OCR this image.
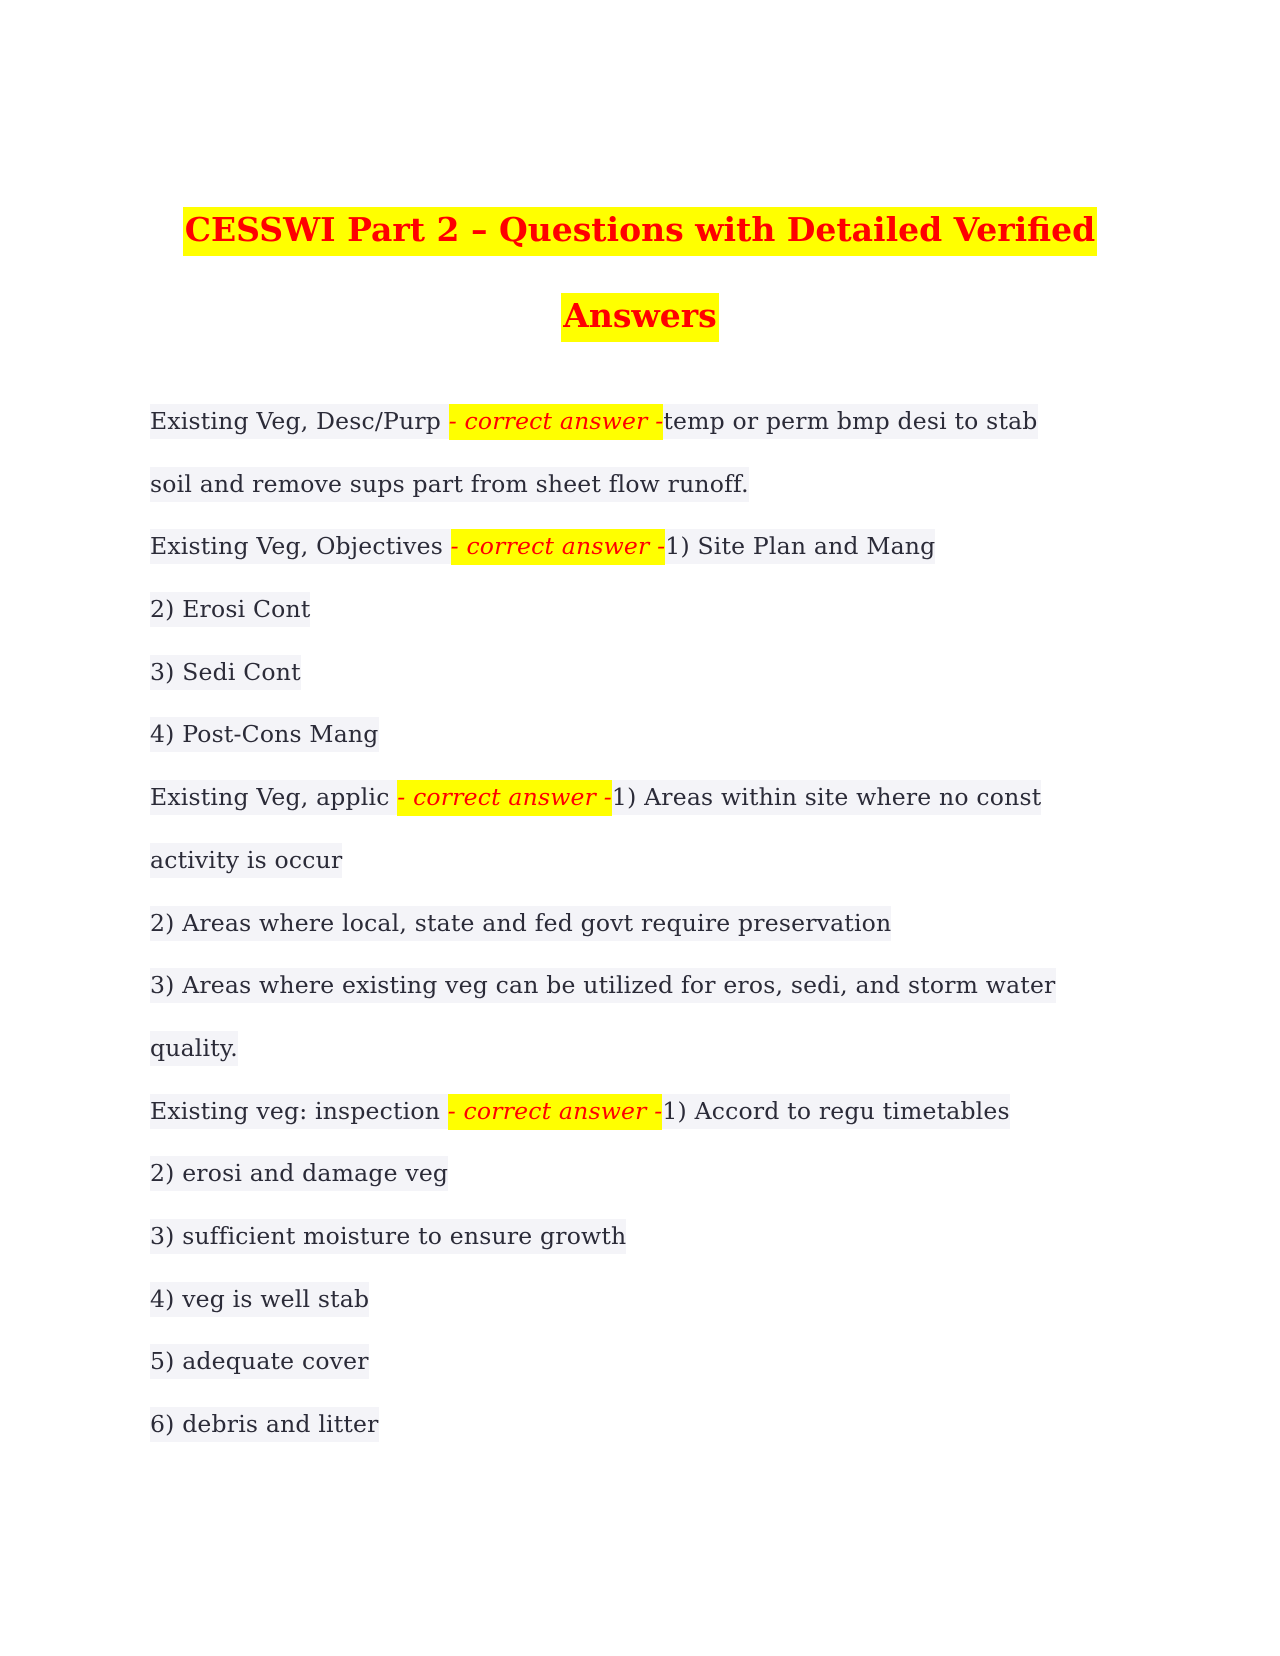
CESSWI Part 2 – Questions with Detailed Verified
Answers
Existing Veg, Desc/Purp - correct answer -temp or perm bmp desi to stab
soil and remove sups part from sheet flow runoff.
Existing Veg, Objectives - correct answer -1) Site Plan and Mang
2) Erosi Cont
3) Sedi Cont
4) Post-Cons Mang
Existing Veg, applic - correct answer -1) Areas within site where no const
activity is occur
2) Areas where local, state and fed govt require preservation
3) Areas where existing veg can be utilized for eros, sedi, and storm water
quality.
Existing veg: inspection - correct answer -1) Accord to regu timetables
2) erosi and damage veg
3) sufficient moisture to ensure growth
4) veg is well stab
5) adequate cover
6) debris and litter
